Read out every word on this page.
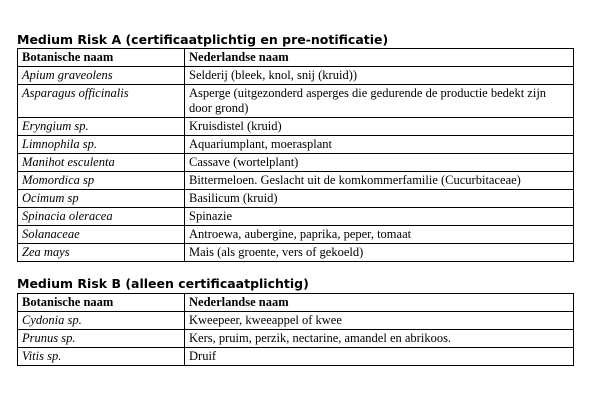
Medium Risk A (certificaatplichtig en pre-notificatie)
Botanische naam	Nederlandse naam
Apium graveolens	Selderij (bleek, knol, snij (kruid))
Asparagus officinalis	Asperge (uitgezonderd asperges die gedurende de productie bedekt zijn door grond)
Eryngium sp.	Kruisdistel (kruid)
Limnophila sp.	Aquariumplant, moerasplant
Manihot esculenta	Cassave (wortelplant)
Momordica sp	Bittermeloen. Geslacht uit de komkommerfamilie (Cucurbitaceae)
Ocimum sp	Basilicum (kruid)
Spinacia oleracea	Spinazie
Solanaceae	Antroewa, aubergine, paprika, peper, tomaat
Zea mays	Mais (als groente, vers of gekoeld)
Medium Risk B (alleen certificaatplichtig)
Botanische naam	Nederlandse naam
Cydonia sp.	Kweepeer, kweeappel of kwee
Prunus sp.	Kers, pruim, perzik, nectarine, amandel en abrikoos.
Vitis sp.	Druif
